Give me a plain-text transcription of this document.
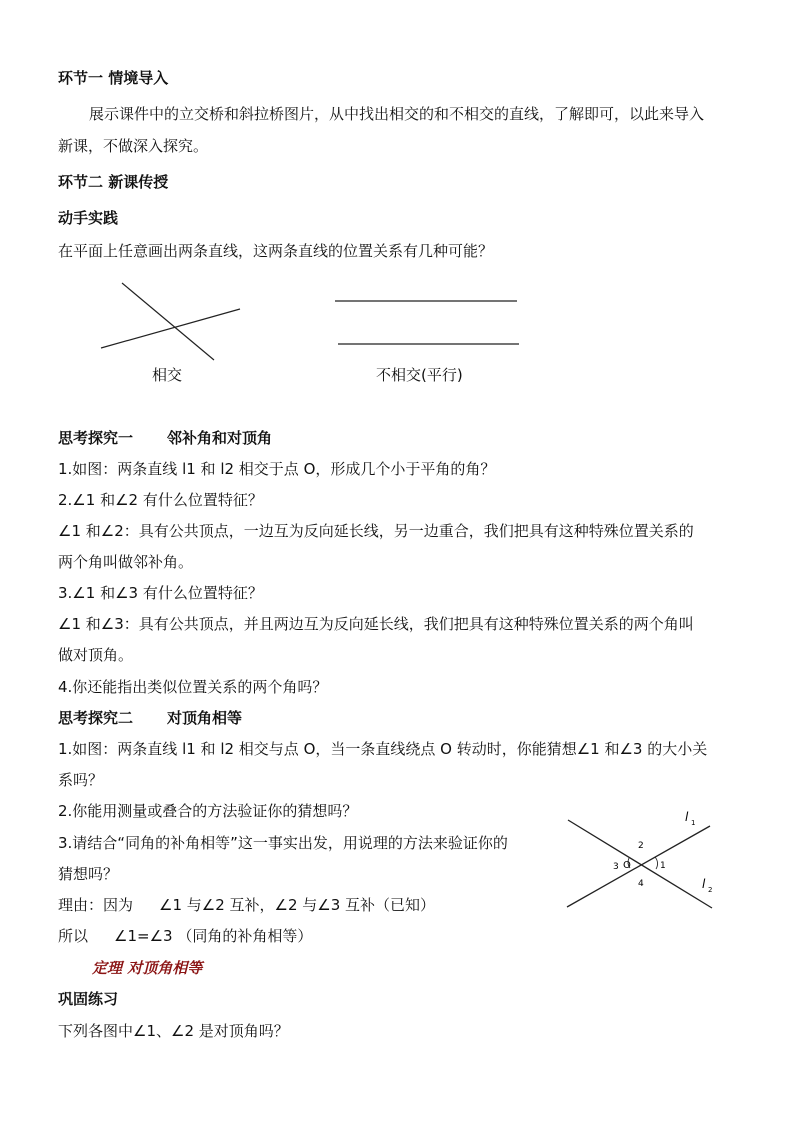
环节一 情境导入
展示课件中的立交桥和斜拉桥图片，从中找出相交的和不相交的直线，了解即可，以此来导入
新课，不做深入探究。
环节二 新课传授
动手实践
在平面上任意画出两条直线，这两条直线的位置关系有几种可能？
相交	不相交(平行)
思考探究一 邻补角和对顶角
1.如图：两条直线 l1 和 l2 相交于点 O，形成几个小于平角的角？
2.∠1 和∠2 有什么位置特征？
∠1 和∠2：具有公共顶点，一边互为反向延长线，另一边重合，我们把具有这种特殊位置关系的
两个角叫做邻补角。
3.∠1 和∠3 有什么位置特征？
∠1 和∠3：具有公共顶点，并且两边互为反向延长线，我们把具有这种特殊位置关系的两个角叫
做对顶角。
4.你还能指出类似位置关系的两个角吗？
思考探究二 对顶角相等
1.如图：两条直线 l1 和 l2 相交与点 O，当一条直线绕点 O 转动时，你能猜想∠1 和∠3 的大小关
系吗？
2.你能用测量或叠合的方法验证你的猜想吗？
3.请结合“同角的补角相等”这一事实出发，用说理的方法来验证你的
猜想吗？
理由：因为 ∠1 与∠2 互补，∠2 与∠3 互补（已知）
所以 ∠1=∠3 （同角的补角相等）
定理 对顶角相等
l 1
l 2
O	1
2
3
4
巩固练习
下列各图中∠1、∠2 是对顶角吗？
